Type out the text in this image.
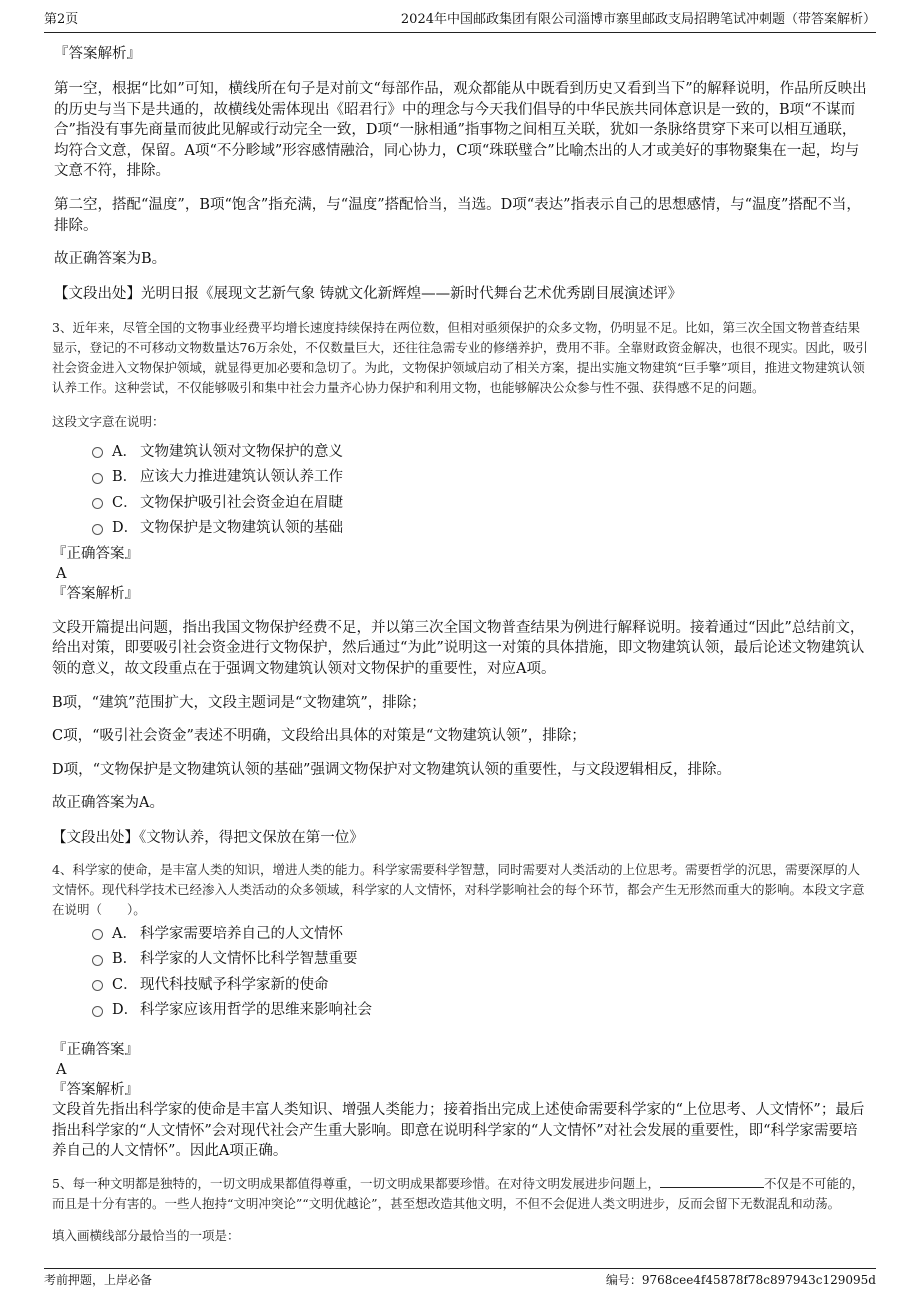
第2页	2024年中国邮政集团有限公司淄博市寨里邮政支局招聘笔试冲刺题（带答案解析）

『答案解析』

第一空，根据“比如”可知，横线所在句子是对前文“每部作品，观众都能从中既看到历史又看到当下”的解释说明，作品所反映出的历史与当下是共通的，故横线处需体现出《昭君行》中的理念与今天我们倡导的中华民族共同体意识是一致的，B项“不谋而合”指没有事先商量而彼此见解或行动完全一致，D项“一脉相通”指事物之间相互关联，犹如一条脉络贯穿下来可以相互通联，均符合文意，保留。A项“不分畛域”形容感情融洽，同心协力，C项“珠联璧合”比喻杰出的人才或美好的事物聚集在一起，均与文意不符，排除。

第二空，搭配“温度”，B项“饱含”指充满，与“温度”搭配恰当，当选。D项“表达”指表示自己的思想感情，与“温度”搭配不当，排除。

故正确答案为B。

【文段出处】光明日报《展现文艺新气象 铸就文化新辉煌——新时代舞台艺术优秀剧目展演述评》

3、近年来，尽管全国的文物事业经费平均增长速度持续保持在两位数，但相对亟须保护的众多文物，仍明显不足。比如，第三次全国文物普查结果显示，登记的不可移动文物数量达76万余处，不仅数量巨大，还往往急需专业的修缮养护，费用不菲。全靠财政资金解决，也很不现实。因此，吸引社会资金进入文物保护领域，就显得更加必要和急切了。为此，文物保护领域启动了相关方案，提出实施文物建筑“巨手擎”项目，推进文物建筑认领认养工作。这种尝试，不仅能够吸引和集中社会力量齐心协力保护和利用文物，也能够解决公众参与性不强、获得感不足的问题。

这段文字意在说明：

A． 文物建筑认领对文物保护的意义
B． 应该大力推进建筑认领认养工作
C． 文物保护吸引社会资金迫在眉睫
D． 文物保护是文物建筑认领的基础

『正确答案』

A

『答案解析』

文段开篇提出问题，指出我国文物保护经费不足，并以第三次全国文物普查结果为例进行解释说明。接着通过“因此”总结前文，给出对策，即要吸引社会资金进行文物保护，然后通过“为此”说明这一对策的具体措施，即文物建筑认领，最后论述文物建筑认领的意义，故文段重点在于强调文物建筑认领对文物保护的重要性，对应A项。

B项，“建筑”范围扩大，文段主题词是“文物建筑”，排除；

C项，“吸引社会资金”表述不明确，文段给出具体的对策是“文物建筑认领”，排除；

D项，“文物保护是文物建筑认领的基础”强调文物保护对文物建筑认领的重要性，与文段逻辑相反，排除。

故正确答案为A。

【文段出处】《文物认养，得把文保放在第一位》

4、科学家的使命，是丰富人类的知识，增进人类的能力。科学家需要科学智慧，同时需要对人类活动的上位思考。需要哲学的沉思，需要深厚的人文情怀。现代科学技术已经渗入人类活动的众多领域，科学家的人文情怀，对科学影响社会的每个环节，都会产生无形然而重大的影响。本段文字意在说明（　　）。

A． 科学家需要培养自己的人文情怀
B． 科学家的人文情怀比科学智慧重要
C． 现代科技赋予科学家新的使命
D． 科学家应该用哲学的思维来影响社会

『正确答案』

A

『答案解析』

文段首先指出科学家的使命是丰富人类知识、增强人类能力；接着指出完成上述使命需要科学家的“上位思考、人文情怀”；最后指出科学家的“人文情怀”会对现代社会产生重大影响。即意在说明科学家的“人文情怀”对社会发展的重要性，即“科学家需要培养自己的人文情怀”。因此A项正确。

5、每一种文明都是独特的，一切文明成果都值得尊重，一切文明成果都要珍惜。在对待文明发展进步问题上，	不仅是不可能的，而且是十分有害的。一些人抱持“文明冲突论”“文明优越论”，甚至想改造其他文明，不但不会促进人类文明进步，反而会留下无数混乱和动荡。

填入画横线部分最恰当的一项是：

考前押题，上岸必备	编号：9768cee4f45878f78c897943c129095d
